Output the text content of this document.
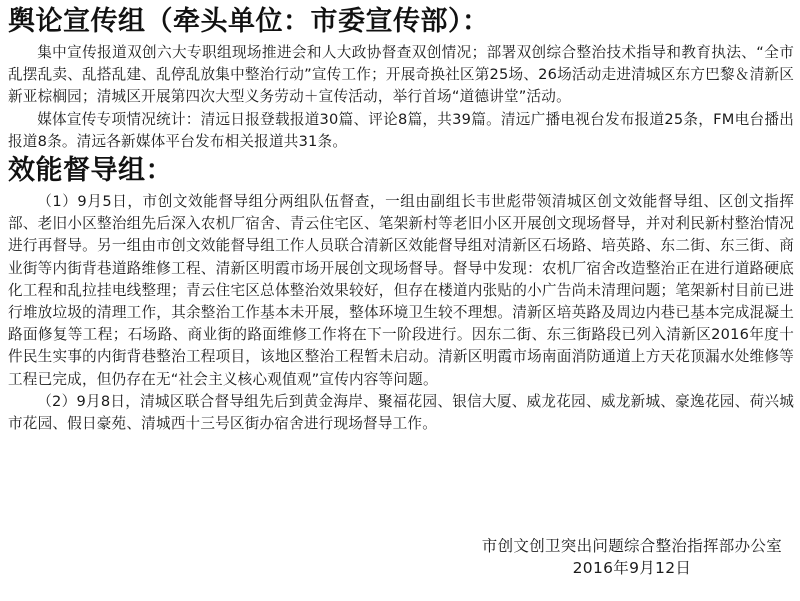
舆论宣传组（牵头单位：市委宣传部）：

集中宣传报道双创六大专职组现场推进会和人大政协督查双创情况；部署双创综合整治技术指导和教育执法、“全市乱摆乱卖、乱搭乱建、乱停乱放集中整治行动”宣传工作；开展奇换社区第25场、26场活动走进清城区东方巴黎＆清新区新亚棕榈园；清城区开展第四次大型义务劳动＋宣传活动，举行首场“道德讲堂”活动。

媒体宣传专项情况统计：清远日报登载报道30篇、评论8篇，共39篇。清远广播电视台发布报道25条，FM电台播出报道8条。清远各新媒体平台发布相关报道共31条。

效能督导组：

（1）9月5日，市创文效能督导组分两组队伍督查，一组由副组长韦世彪带领清城区创文效能督导组、区创文指挥部、老旧小区整治组先后深入农机厂宿舍、青云住宅区、笔架新村等老旧小区开展创文现场督导，并对利民新村整治情况进行再督导。另一组由市创文效能督导组工作人员联合清新区效能督导组对清新区石场路、培英路、东二街、东三街、商业街等内街背巷道路维修工程、清新区明霞市场开展创文现场督导。督导中发现：农机厂宿舍改造整治正在进行道路硬底化工程和乱拉挂电线整理；青云住宅区总体整治效果较好，但存在楼道内张贴的小广告尚未清理问题；笔架新村目前已进行堆放垃圾的清理工作，其余整治工作基本未开展，整体环境卫生较不理想。清新区培英路及周边内巷已基本完成混凝土路面修复等工程；石场路、商业街的路面维修工作将在下一阶段进行。因东二街、东三街路段已列入清新区2016年度十件民生实事的内街背巷整治工程项目，该地区整治工程暂未启动。清新区明霞市场南面消防通道上方天花顶漏水处维修等工程已完成，但仍存在无“社会主义核心观值观”宣传内容等问题。

（2）9月8日，清城区联合督导组先后到黄金海岸、聚福花园、银信大厦、威龙花园、威龙新城、豪逸花园、荷兴城市花园、假日豪苑、清城西十三号区街办宿舍进行现场督导工作。

市创文创卫突出问题综合整治指挥部办公室
2016年9月12日
